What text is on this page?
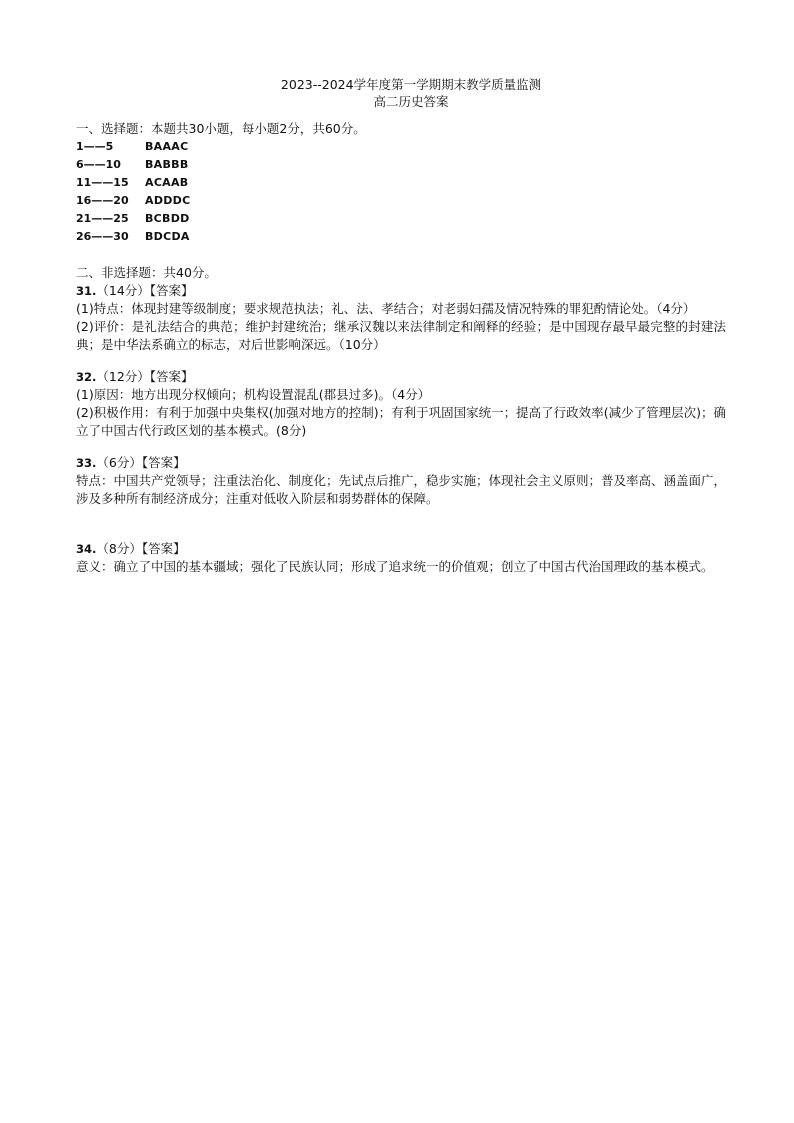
2023--2024学年度第一学期期末教学质量监测
高二历史答案
一、选择题：本题共30小题，每小题2分，共60分。
1——5	BAAAC
6——10	BABBB
11——15	ACAAB
16——20	ADDDC
21——25	BCBDD
26——30	BDCDA
二、非选择题：共40分。
31.（14分）【答案】
(1)特点：体现封建等级制度；要求规范执法；礼、法、孝结合；对老弱妇孺及情况特殊的罪犯酌情论处。（4分）
(2)评价：是礼法结合的典范；维护封建统治；继承汉魏以来法律制定和阐释的经验；是中国现存最早最完整的封建法典；是中华法系确立的标志，对后世影响深远。（10分）
32.（12分）【答案】
(1)原因：地方出现分权倾向；机构设置混乱(郡县过多)。（4分）
(2)积极作用：有利于加强中央集权(加强对地方的控制)；有利于巩固国家统一；提高了行政效率(减少了管理层次)；确立了中国古代行政区划的基本模式。(8分)
33.（6分）【答案】
特点：中国共产党领导；注重法治化、制度化；先试点后推广，稳步实施；体现社会主义原则；普及率高、涵盖面广，涉及多种所有制经济成分；注重对低收入阶层和弱势群体的保障。
34.（8分）【答案】
意义：确立了中国的基本疆域；强化了民族认同；形成了追求统一的价值观；创立了中国古代治国理政的基本模式。
